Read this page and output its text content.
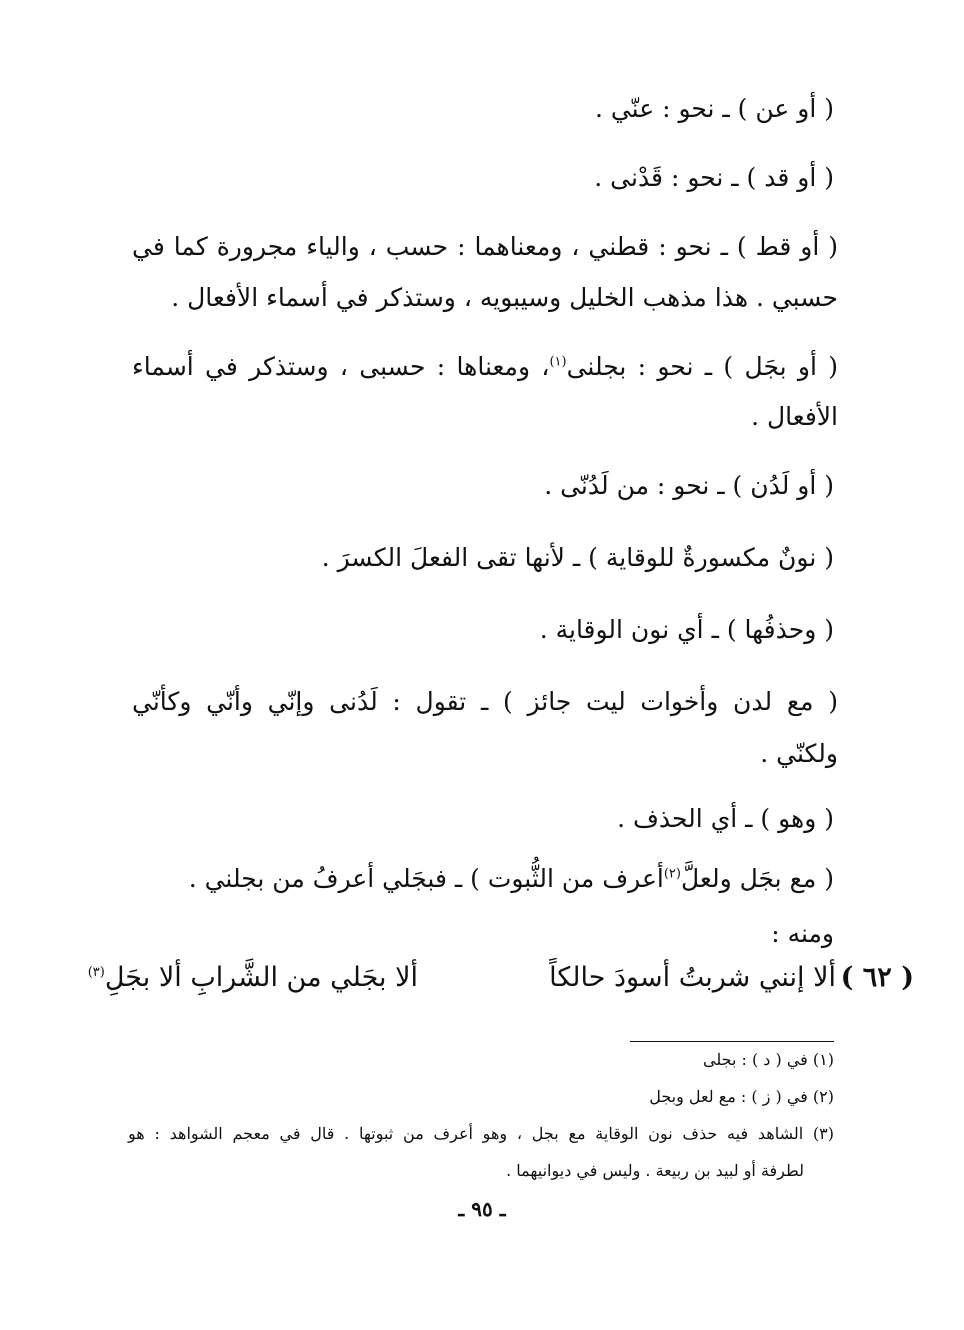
( أو عن ) ـ نحو : عنّي .
( أو قد ) ـ نحو : قَدْنى .
( أو قط ) ـ نحو : قطني ، ومعناهما : حسب ، والياء مجرورة كما في
حسبي . هذا مذهب الخليل وسيبويه ، وستذكر في أسماء الأفعال .
( أو بجَل ) ـ نحو : بجلنى$^{(١)}$، ومعناها : حسبى ، وستذكر في أسماء
الأفعال .
( أو لَدُن ) ـ نحو : من لَدُنّى .
( نونٌ مكسورةٌ للوقاية ) ـ لأنها تقى الفعلَ الكسرَ .
( وحذفُها ) ـ أي نون الوقاية .
( مع لدن وأخوات ليت جائز ) ـ تقول : لَدُنى وإنّي وأنّي وكأنّي
ولكنّي .
( وهو ) ـ أي الحذف .
( مع بجَل ولعلَّ$^{(٢)}$أعرف من الثُّبوت ) ـ فبجَلي أعرفُ من بجلني .
ومنه :
( ٦٢ )
ألا إنني شربتُ أسودَ حالكاً
ألا بجَلي من الشَّرابِ ألا بجَلِ$^{(٣)}$
(١) في ( د ) : بجلى
(٢) في ( ز ) : مع لعل وبجل
(٣) الشاهد فيه حذف نون الوقاية مع بجل ، وهو أعرف من ثبوتها . قال في معجم الشواهد : هو
لطرفة أو لبيد بن ربيعة . وليس في ديوانيهما .
ـ ٩٥ ـ
